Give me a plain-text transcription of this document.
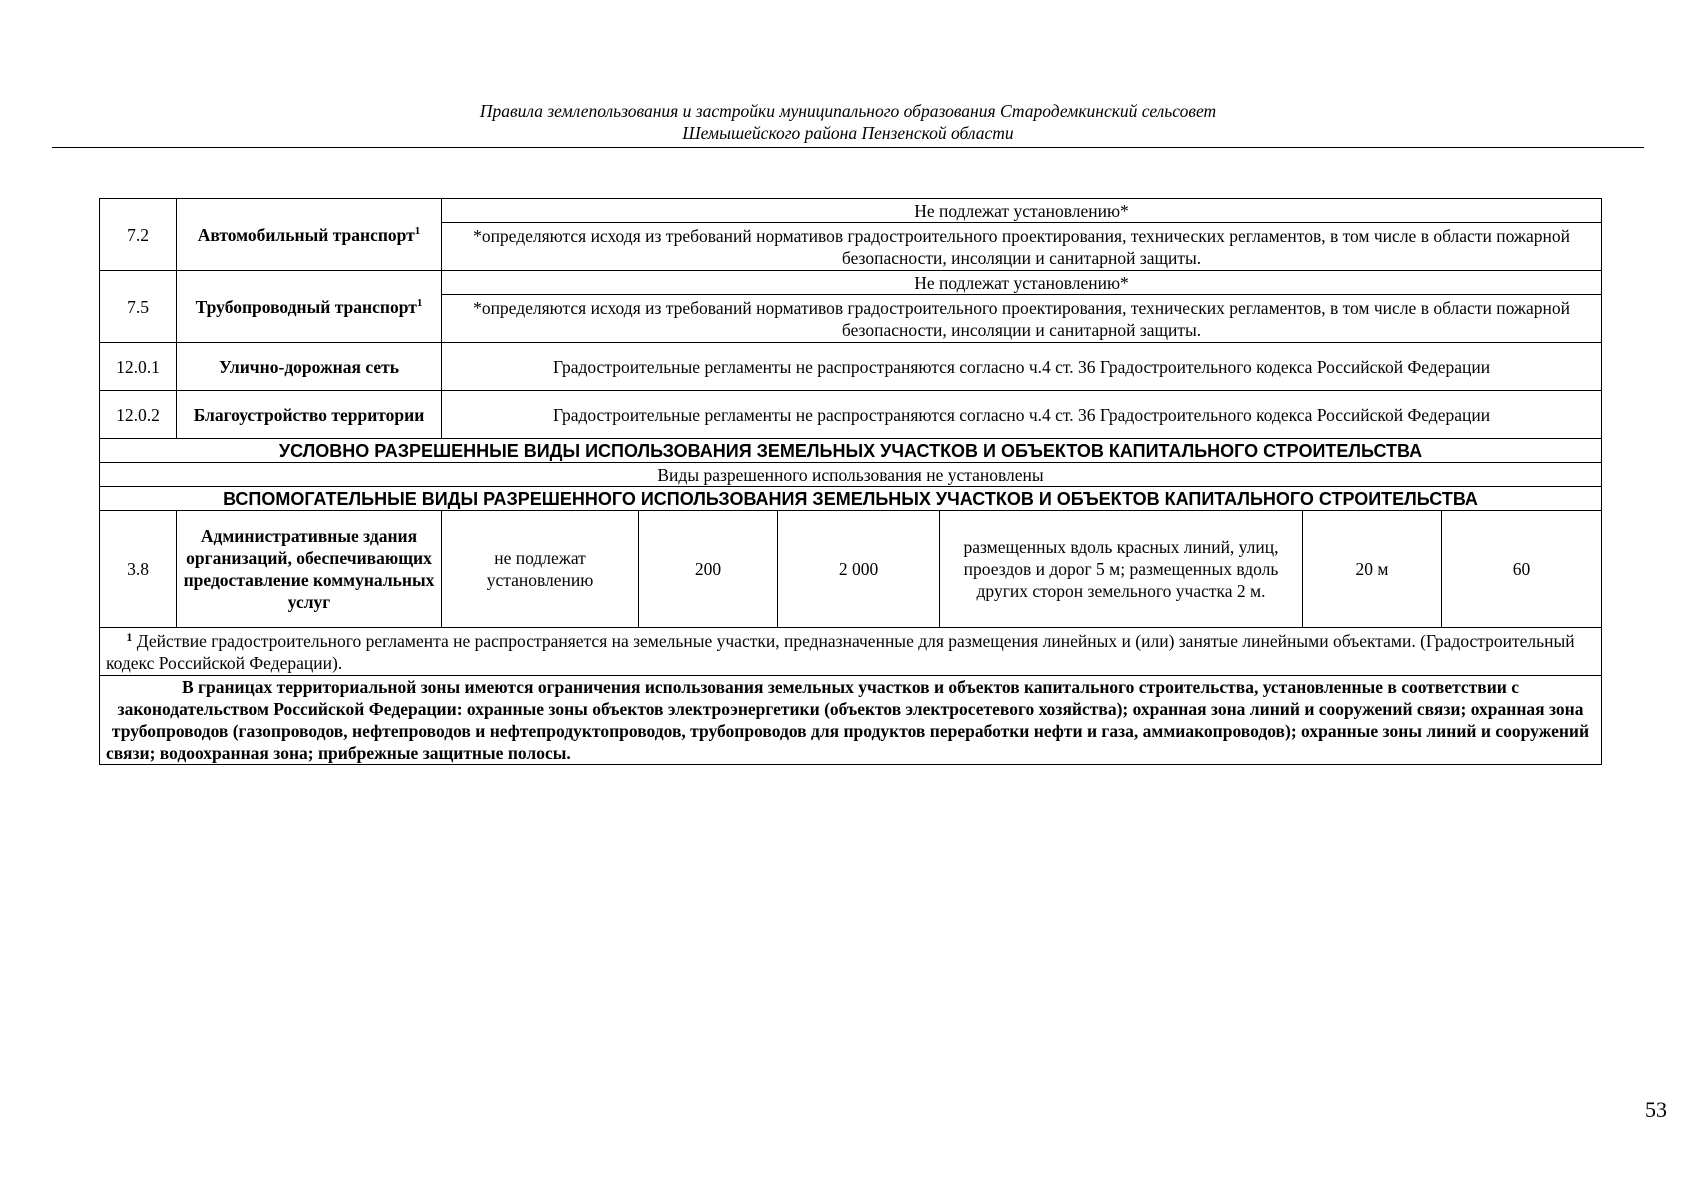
Правила землепользования и застройки муниципального образования Стародемкинский сельсовет
Шемышейского района Пензенской области
7.2	Автомобильный транспорт$^1$	Не подлежат установлению*					
		*определяются исходя из требований нормативов градостроительного проектирования, технических регламентов, в том числе в области пожарной безопасности, инсоляции и санитарной защиты.					
7.5	Трубопроводный транспорт$^1$	Не подлежат установлению*					
		*определяются исходя из требований нормативов градостроительного проектирования, технических регламентов, в том числе в области пожарной безопасности, инсоляции и санитарной защиты.					
12.0.1	Улично-дорожная сеть	Градостроительные регламенты не распространяются согласно ч.4 ст. 36 Градостроительного кодекса Российской Федерации					
12.0.2	Благоустройство территории	Градостроительные регламенты не распространяются согласно ч.4 ст. 36 Градостроительного кодекса Российской Федерации					
УСЛОВНО РАЗРЕШЕННЫЕ ВИДЫ ИСПОЛЬЗОВАНИЯ ЗЕМЕЛЬНЫХ УЧАСТКОВ И ОБЪЕКТОВ КАПИТАЛЬНОГО СТРОИТЕЛЬСТВА							
Виды разрешенного использования не установлены							
ВСПОМОГАТЕЛЬНЫЕ ВИДЫ РАЗРЕШЕННОГО ИСПОЛЬЗОВАНИЯ ЗЕМЕЛЬНЫХ УЧАСТКОВ И ОБЪЕКТОВ КАПИТАЛЬНОГО СТРОИТЕЛЬСТВА							
3.8	Административные здания организаций, обеспечивающих предоставление коммунальных услуг	не подлежат установлению	200	2 000	размещенных вдоль красных линий, улиц, проездов и дорог 5 м; размещенных вдоль других сторон земельного участка 2 м.	20 м	60
$^1$ Действие градостроительного регламента не распространяется на земельные участки, предназначенные для размещения линейных и (или) занятые линейными объектами. (Градостроительный кодекс Российской Федерации).							
В границах территориальной зоны имеются ограничения использования земельных участков и объектов капитального строительства, установленные в соответствии с законодательством Российской Федерации: охранные зоны объектов электроэнергетики (объектов электросетевого хозяйства); охранная зона линий и сооружений связи; охранная зона трубопроводов (газопроводов, нефтепроводов и нефтепродуктопроводов, трубопроводов для продуктов переработки нефти и газа, аммиакопроводов); охранные зоны линий и сооружений связи; водоохранная зона; прибрежные защитные полосы.							
53
